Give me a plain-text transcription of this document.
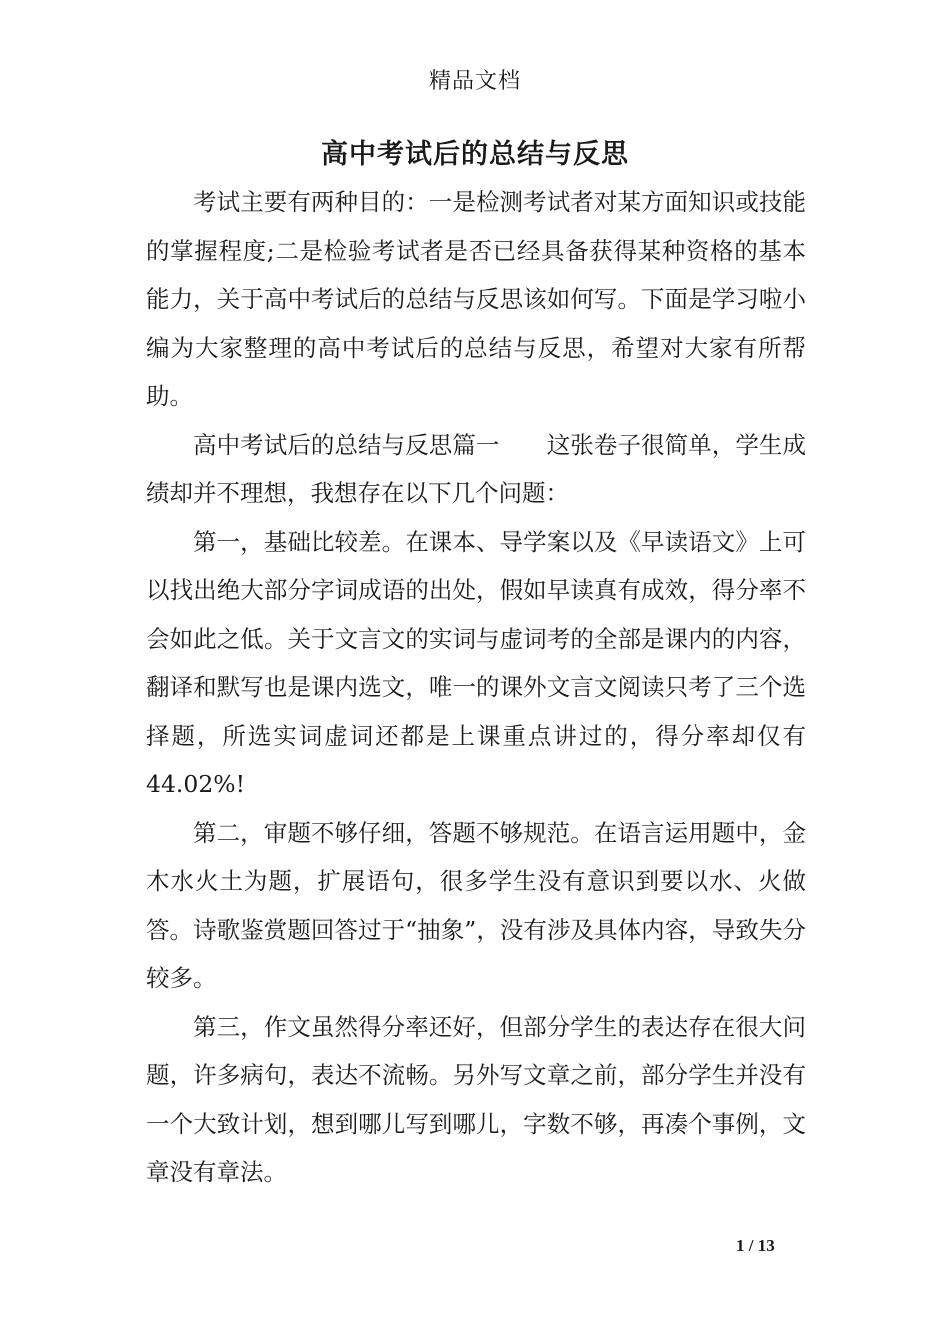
精品文档
高中考试后的总结与反思

考试主要有两种目的：一是检测考试者对某方面知识或技能的掌握程度;二是检验考试者是否已经具备获得某种资格的基本能力，关于高中考试后的总结与反思该如何写。下面是学习啦小编为大家整理的高中考试后的总结与反思，希望对大家有所帮助。

高中考试后的总结与反思篇一　　这张卷子很简单，学生成绩却并不理想，我想存在以下几个问题：

第一，基础比较差。在课本、导学案以及《早读语文》上可以找出绝大部分字词成语的出处，假如早读真有成效，得分率不会如此之低。关于文言文的实词与虚词考的全部是课内的内容，翻译和默写也是课内选文，唯一的课外文言文阅读只考了三个选择题，所选实词虚词还都是上课重点讲过的，得分率却仅有44.02%!

第二，审题不够仔细，答题不够规范。在语言运用题中，金木水火土为题，扩展语句，很多学生没有意识到要以水、火做答。诗歌鉴赏题回答过于“抽象”，没有涉及具体内容，导致失分较多。

第三，作文虽然得分率还好，但部分学生的表达存在很大问题，许多病句，表达不流畅。另外写文章之前，部分学生并没有一个大致计划，想到哪儿写到哪儿，字数不够，再凑个事例，文章没有章法。

1 / 13
